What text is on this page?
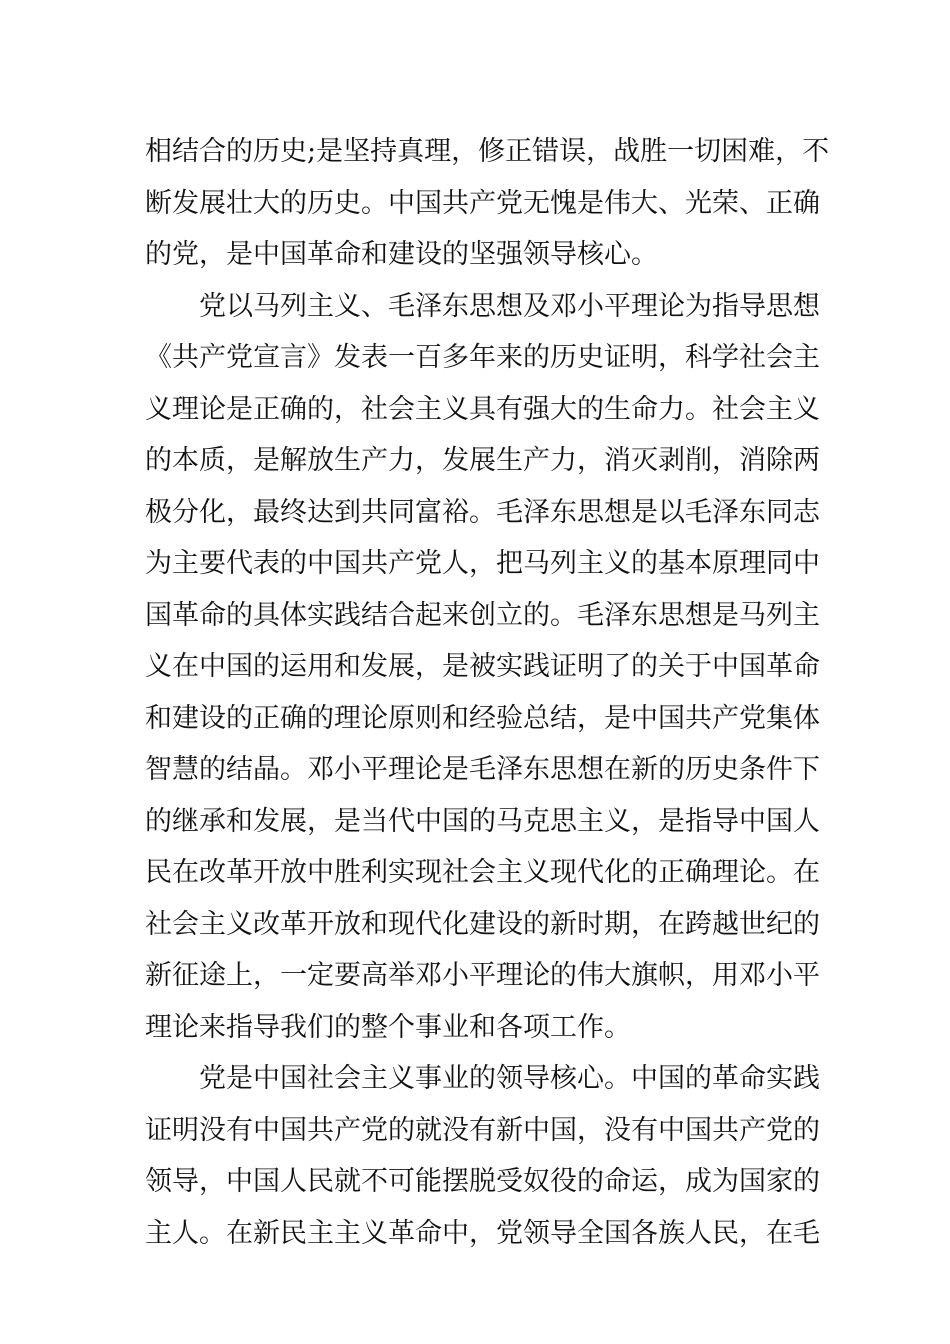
相结合的历史;是坚持真理，修正错误，战胜一切困难，不
断发展壮大的历史。中国共产党无愧是伟大、光荣、正确
的党，是中国革命和建设的坚强领导核心。
党以马列主义、毛泽东思想及邓小平理论为指导思想
《共产党宣言》发表一百多年来的历史证明，科学社会主
义理论是正确的，社会主义具有强大的生命力。社会主义
的本质，是解放生产力，发展生产力，消灭剥削，消除两
极分化，最终达到共同富裕。毛泽东思想是以毛泽东同志
为主要代表的中国共产党人，把马列主义的基本原理同中
国革命的具体实践结合起来创立的。毛泽东思想是马列主
义在中国的运用和发展，是被实践证明了的关于中国革命
和建设的正确的理论原则和经验总结，是中国共产党集体
智慧的结晶。邓小平理论是毛泽东思想在新的历史条件下
的继承和发展，是当代中国的马克思主义，是指导中国人
民在改革开放中胜利实现社会主义现代化的正确理论。在
社会主义改革开放和现代化建设的新时期，在跨越世纪的
新征途上，一定要高举邓小平理论的伟大旗帜，用邓小平
理论来指导我们的整个事业和各项工作。
党是中国社会主义事业的领导核心。中国的革命实践
证明没有中国共产党的就没有新中国，没有中国共产党的
领导，中国人民就不可能摆脱受奴役的命运，成为国家的
主人。在新民主主义革命中，党领导全国各族人民，在毛
